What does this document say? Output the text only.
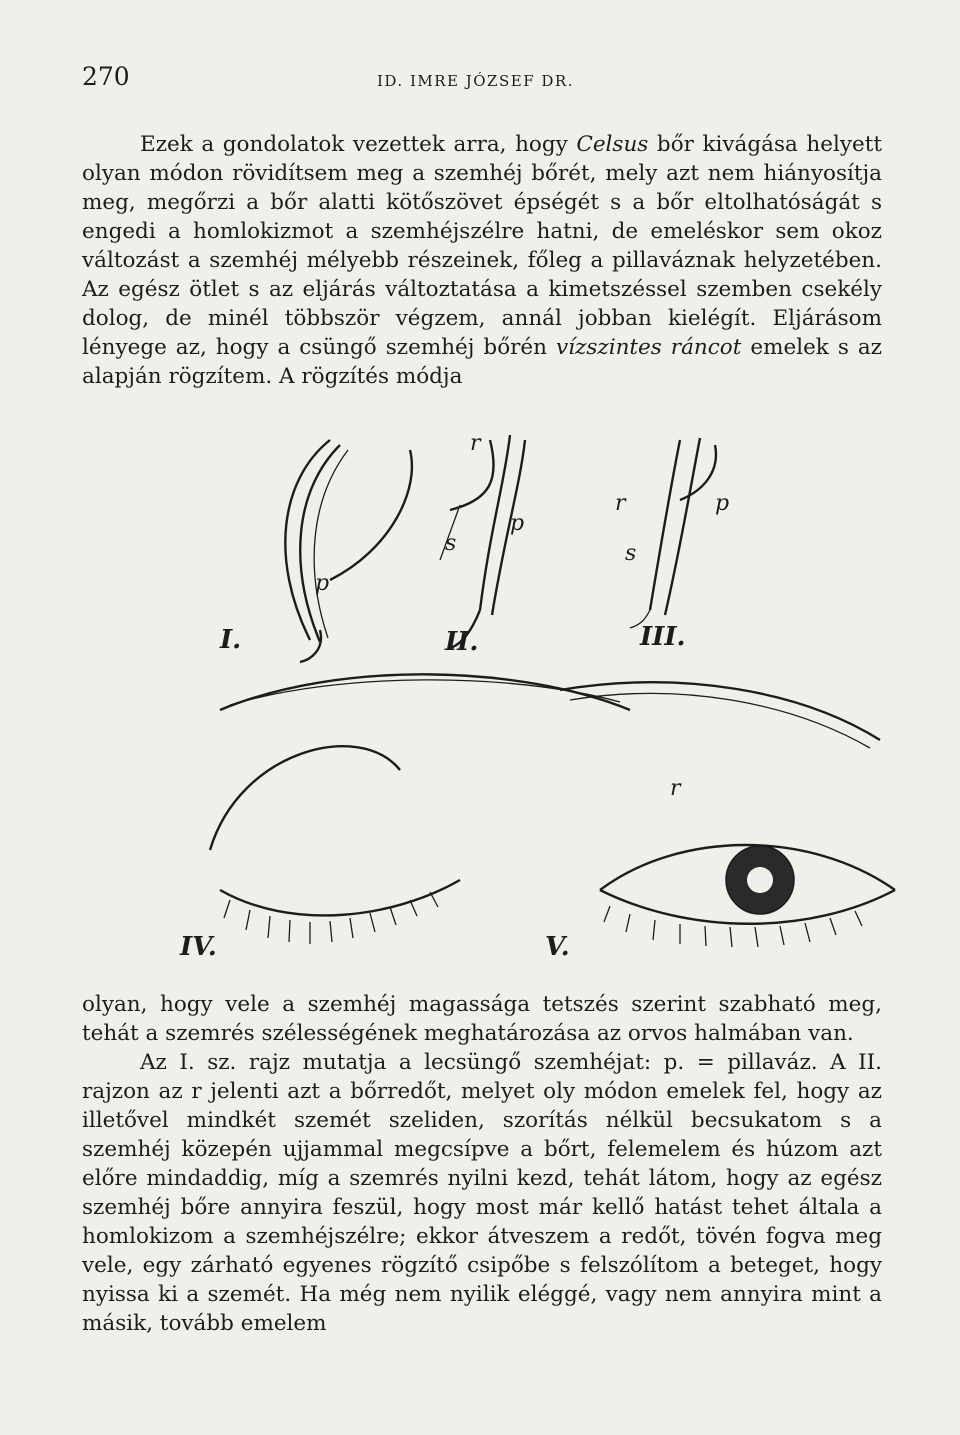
270	ID. IMRE JÓZSEF DR.

Ezek a gondolatok vezettek arra, hogy Celsus bőr kivágása helyett olyan módon rövidítsem meg a szemhéj bőrét, mely azt nem hiányosítja meg, megőrzi a bőr alatti kötőszövet épségét s a bőr eltolhatóságát s engedi a homlokizmot a szemhéjszélre hatni, de emeléskor sem okoz változást a szemhéj mélyebb részeinek, főleg a pillaváznak helyzetében. Az egész ötlet s az eljárás változtatása a kimetszéssel szemben csekély dolog, de minél többször végzem, annál jobban kielégít. Eljárásom lényege az, hogy a csüngő szemhéj bőrén vízszintes ráncot emelek s az alapján rögzítem. A rögzítés módja

p
I.
r
s
p
II.
r	p
s
III.
IV.
r
V.
olyan, hogy vele a szemhéj magassága tetszés szerint szabható meg, tehát a szemrés szélességének meghatározása az orvos halmában van.
Az I. sz. rajz mutatja a lecsüngő szemhéjat: p. = pillaváz. A II. rajzon az r jelenti azt a bőrredőt, melyet oly módon emelek fel, hogy az illetővel mindkét szemét szeliden, szorítás nélkül becsukatom s a szemhéj közepén ujjammal megcsípve a bőrt, felemelem és húzom azt előre mindaddig, míg a szemrés nyilni kezd, tehát látom, hogy az egész szemhéj bőre annyira feszül, hogy most már kellő hatást tehet általa a homlokizom a szemhéjszélre; ekkor átveszem a redőt, tövén fogva meg vele, egy zárható egyenes rögzítő csipőbe s felszólítom a beteget, hogy nyissa ki a szemét. Ha még nem nyilik eléggé, vagy nem annyira mint a másik, tovább emelem
